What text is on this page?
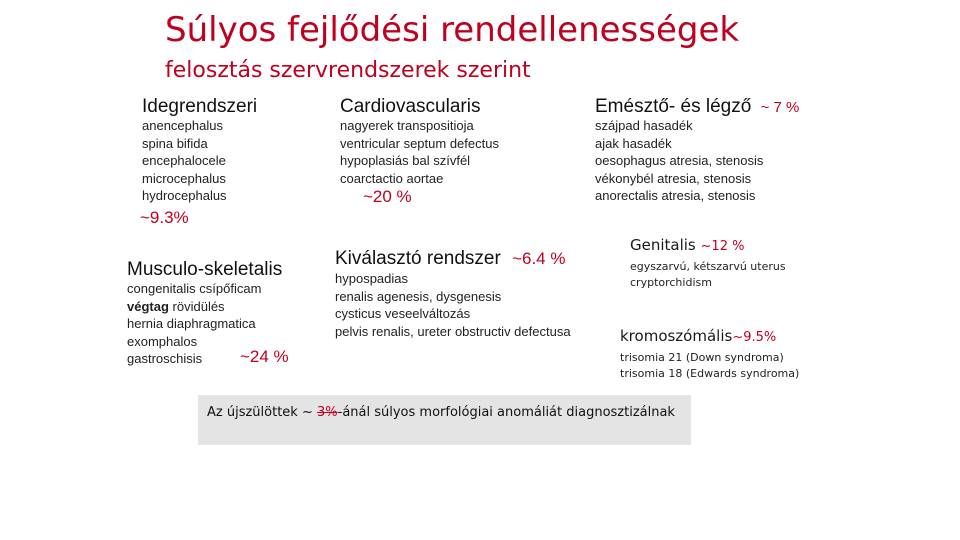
Súlyos fejlődési rendellenességek
felosztás szervrendszerek szerint
Idegrendszeri
anencephalus
spina bifida
encephalocele
microcephalus
hydrocephalus
~9.3%
Cardiovascularis
nagyerek transpositioja
ventricular septum defectus
hypoplasiás bal szívfél
coarctactio aortae
~20 %
Emésztő- és légző ~ 7 %
szájpad hasadék
ajak hasadék
oesophagus atresia, stenosis
vékonybél atresia, stenosis
anorectalis atresia, stenosis
Musculo-skeletalis
congenitalis csípőficam
végtag rövidülés
hernia diaphragmatica
exomphalos
gastroschisis	~24 %
Kiválasztó rendszer ~6.4 %
hypospadias
renalis agenesis, dysgenesis
cysticus veseelváltozás
pelvis renalis, ureter obstructiv defectusa
Genitalis ~12 %
egyszarvú, kétszarvú uterus
cryptorchidism
kromoszómális~9.5%
trisomia 21 (Down syndroma)
trisomia 18 (Edwards syndroma)
Az újszülöttek ~ 3%-ánál súlyos morfológiai anomáliát diagnosztizálnak
